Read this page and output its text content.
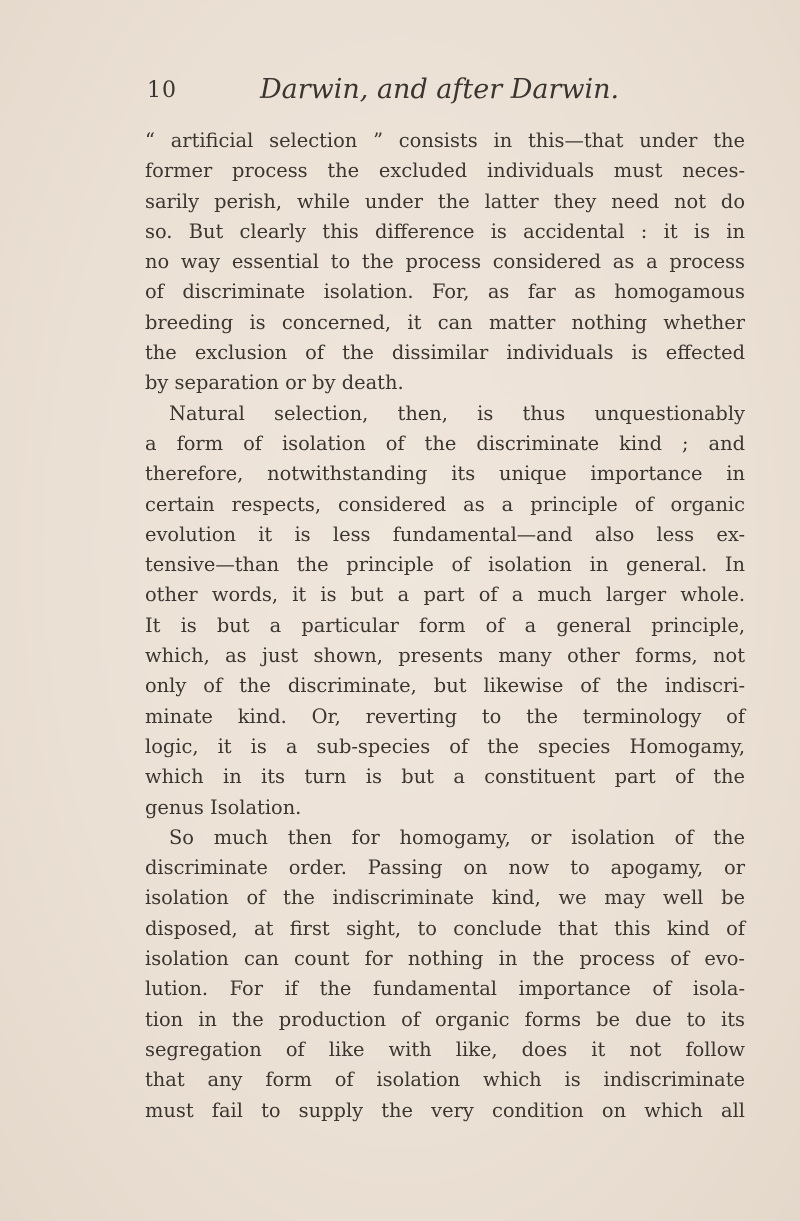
10	Darwin, and after Darwin.
“ artificial selection ” consists in this—that under the
former process the excluded individuals must neces-
sarily perish, while under the latter they need not do
so. But clearly this difference is accidental : it is in
no way essential to the process considered as a process
of discriminate isolation. For, as far as homogamous
breeding is concerned, it can matter nothing whether
the exclusion of the dissimilar individuals is effected
by separation or by death.
Natural selection, then, is thus unquestionably
a form of isolation of the discriminate kind ; and
therefore, notwithstanding its unique importance in
certain respects, considered as a principle of organic
evolution it is less fundamental—and also less ex-
tensive—than the principle of isolation in general. In
other words, it is but a part of a much larger whole.
It is but a particular form of a general principle,
which, as just shown, presents many other forms, not
only of the discriminate, but likewise of the indiscri-
minate kind. Or, reverting to the terminology of
logic, it is a sub-species of the species Homogamy,
which in its turn is but a constituent part of the
genus Isolation.
So much then for homogamy, or isolation of the
discriminate order. Passing on now to apogamy, or
isolation of the indiscriminate kind, we may well be
disposed, at first sight, to conclude that this kind of
isolation can count for nothing in the process of evo-
lution. For if the fundamental importance of isola-
tion in the production of organic forms be due to its
segregation of like with like, does it not follow
that any form of isolation which is indiscriminate
must fail to supply the very condition on which all
